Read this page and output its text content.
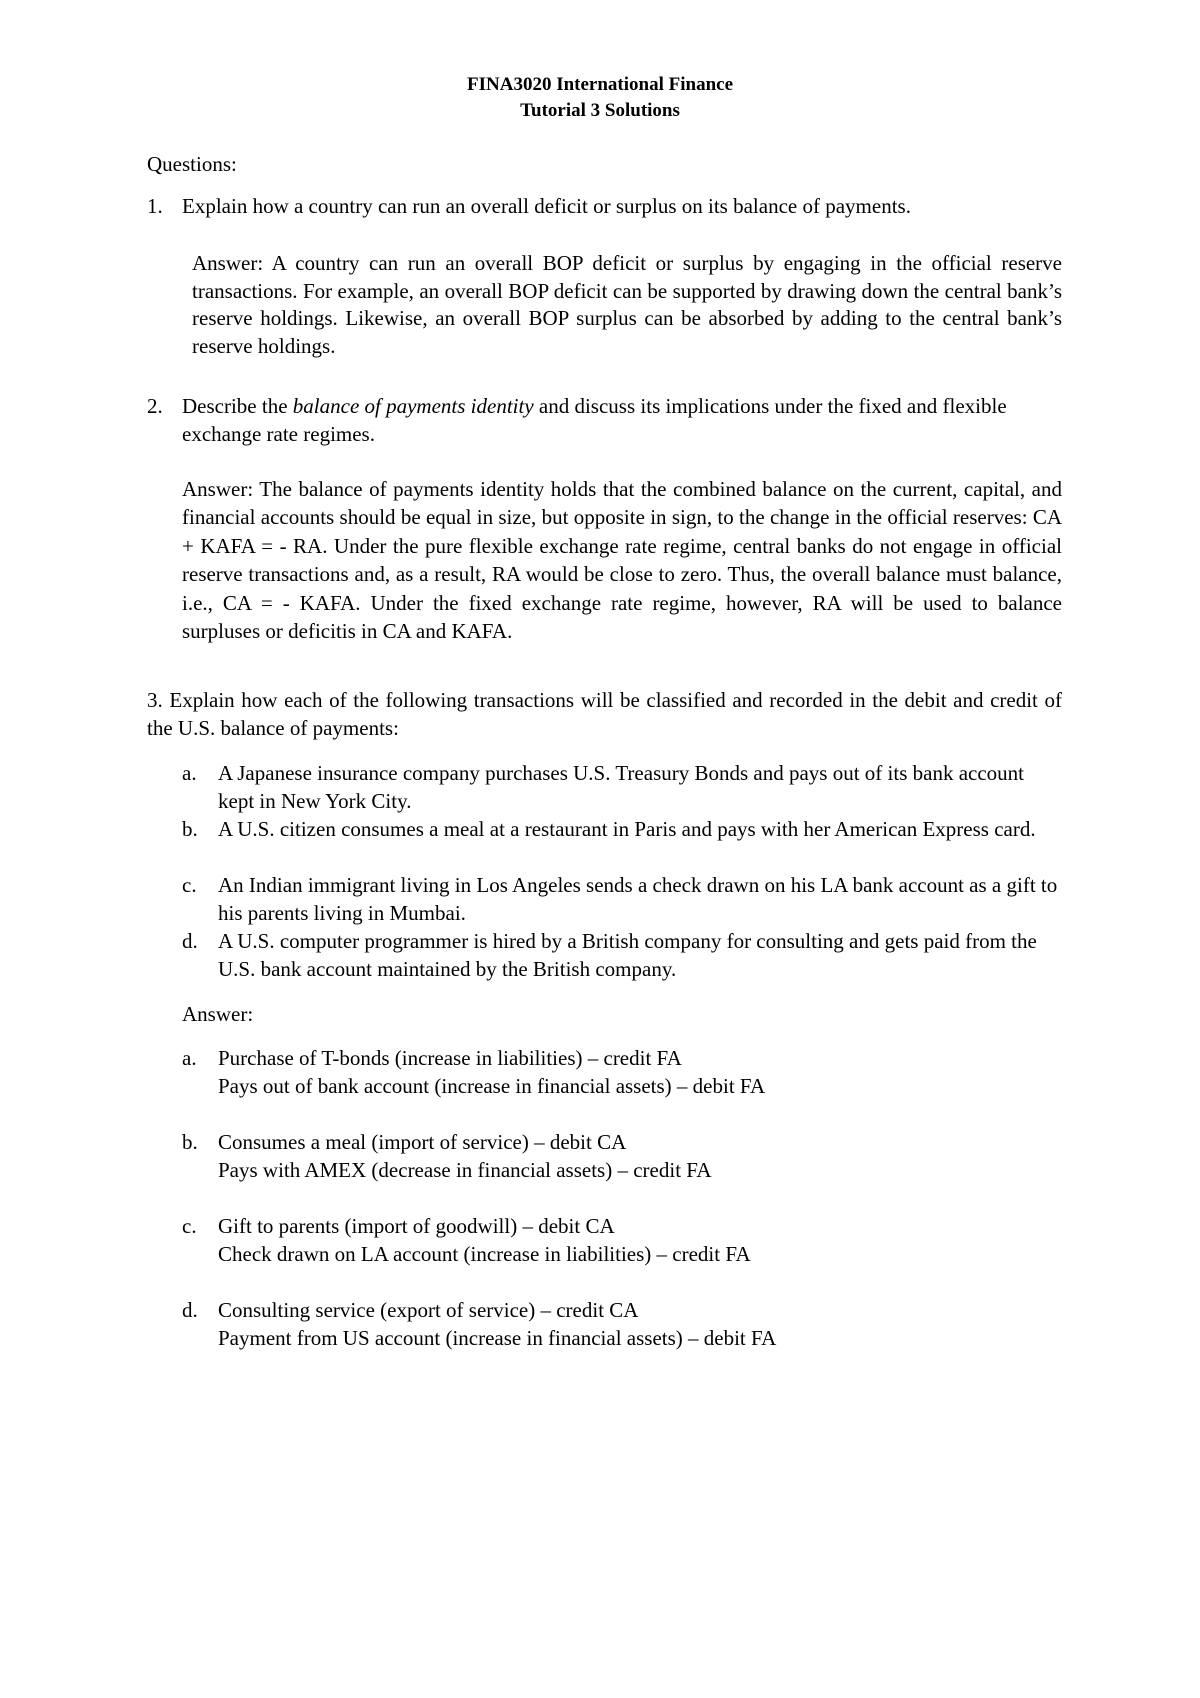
FINA3020 International Finance
Tutorial 3 Solutions
Questions:
1. Explain how a country can run an overall deficit or surplus on its balance of payments.
Answer: A country can run an overall BOP deficit or surplus by engaging in the official reserve transactions. For example, an overall BOP deficit can be supported by drawing down the central bank’s reserve holdings. Likewise, an overall BOP surplus can be absorbed by adding to the central bank’s reserve holdings.
2. Describe the balance of payments identity and discuss its implications under the fixed and flexible exchange rate regimes.
Answer: The balance of payments identity holds that the combined balance on the current, capital, and financial accounts should be equal in size, but opposite in sign, to the change in the official reserves: CA + KAFA = - RA. Under the pure flexible exchange rate regime, central banks do not engage in official reserve transactions and, as a result, RA would be close to zero. Thus, the overall balance must balance, i.e., CA = - KAFA. Under the fixed exchange rate regime, however, RA will be used to balance surpluses or deficitis in CA and KAFA.
3. Explain how each of the following transactions will be classified and recorded in the debit and credit of the U.S. balance of payments:
a. A Japanese insurance company purchases U.S. Treasury Bonds and pays out of its bank account kept in New York City.
b. A U.S. citizen consumes a meal at a restaurant in Paris and pays with her American Express card.
c. An Indian immigrant living in Los Angeles sends a check drawn on his LA bank account as a gift to his parents living in Mumbai.
d. A U.S. computer programmer is hired by a British company for consulting and gets paid from the U.S. bank account maintained by the British company.
Answer:
a. Purchase of T-bonds (increase in liabilities) – credit FA
Pays out of bank account (increase in financial assets) – debit FA
b. Consumes a meal (import of service) – debit CA
Pays with AMEX (decrease in financial assets) – credit FA
c. Gift to parents (import of goodwill) – debit CA
Check drawn on LA account (increase in liabilities) – credit FA
d. Consulting service (export of service) – credit CA
Payment from US account (increase in financial assets) – debit FA
